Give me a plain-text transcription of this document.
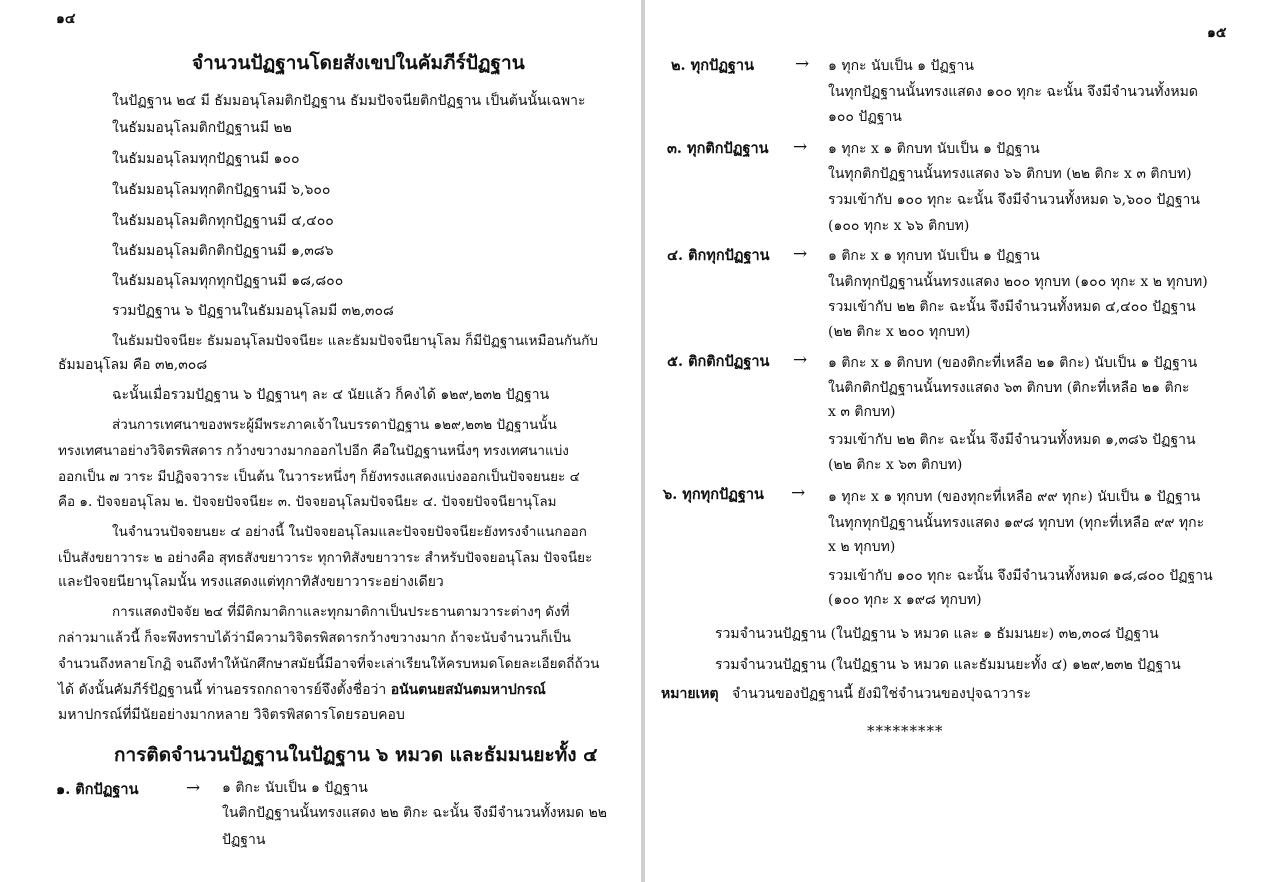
๑๔
จำนวนปัฏฐานโดยสังเขปในคัมภีร์ปัฏฐาน
ในปัฏฐาน ๒๔ มี ธัมมอนุโลมติกปัฏฐาน ธัมมปัจจนียติกปัฏฐาน เป็นต้นนั้นเฉพาะ
ในธัมมอนุโลมติกปัฏฐานมี ๒๒
ในธัมมอนุโลมทุกปัฏฐานมี ๑๐๐
ในธัมมอนุโลมทุกติกปัฏฐานมี ๖,๖๐๐
ในธัมมอนุโลมติกทุกปัฏฐานมี ๔,๔๐๐
ในธัมมอนุโลมติกติกปัฏฐานมี ๑,๓๘๖
ในธัมมอนุโลมทุกทุกปัฏฐานมี ๑๘,๘๐๐
รวมปัฏฐาน ๖ ปัฏฐานในธัมมอนุโลมมี ๓๒,๓๐๘
ในธัมมปัจจนียะ ธัมมอนุโลมปัจจนียะ และธัมมปัจจนียานุโลม ก็มีปัฏฐานเหมือนกันกับ
ธัมมอนุโลม คือ ๓๒,๓๐๘
ฉะนั้นเมื่อรวมปัฏฐาน ๖ ปัฏฐานๆ ละ ๔ นัยแล้ว ก็คงได้ ๑๒๙,๒๓๒ ปัฏฐาน
ส่วนการเทศนาของพระผู้มีพระภาคเจ้าในบรรดาปัฏฐาน ๑๒๙,๒๓๒ ปัฏฐานนั้น
ทรงเทศนาอย่างวิจิตรพิสดาร กว้างขวางมากออกไปอีก คือในปัฏฐานหนึ่งๆ ทรงเทศนาแบ่ง
ออกเป็น ๗ วาระ มีปฏิจจวาระ เป็นต้น ในวาระหนึ่งๆ ก็ยังทรงแสดงแบ่งออกเป็นปัจจยนยะ ๔
คือ ๑. ปัจจยอนุโลม ๒. ปัจจยปัจจนียะ ๓. ปัจจยอนุโลมปัจจนียะ ๔. ปัจจยปัจจนียานุโลม
ในจำนวนปัจจยนยะ ๔ อย่างนี้ ในปัจจยอนุโลมและปัจจยปัจจนียะยังทรงจำแนกออก
เป็นสังขยาวาระ ๒ อย่างคือ สุทธสังขยาวาระ ทุกาทิสังขยาวาระ สำหรับปัจจยอนุโลม ปัจจนียะ
และปัจจยนียานุโลมนั้น ทรงแสดงแต่ทุกาทิสังขยาวาระอย่างเดียว
การแสดงปัจจัย ๒๔ ที่มีติกมาติกาและทุกมาติกาเป็นประธานตามวาระต่างๆ ดังที่
กล่าวมาแล้วนี้ ก็จะพึงทราบได้ว่ามีความวิจิตรพิสดารกว้างขวางมาก ถ้าจะนับจำนวนก็เป็น
จำนวนถึงหลายโกฏิ จนถึงทำให้นักศึกษาสมัยนี้มีอาจที่จะเล่าเรียนให้ครบหมดโดยละเอียดถี่ถ้วน
ได้ ดังนั้นคัมภีร์ปัฏฐานนี้ ท่านอรรถกถาจารย์จึงตั้งชื่อว่า อนันตนยสมันตมหาปกรณ์
มหาปกรณ์ที่มีนัยอย่างมากหลาย วิจิตรพิสดารโดยรอบคอบ
การติดจำนวนปัฏฐานในปัฏฐาน ๖ หมวด และธัมมนยะทั้ง ๔
๑. ติกปัฏฐาน	→ ๑ ติกะ นับเป็น ๑ ปัฏฐาน
ในติกปัฏฐานนั้นทรงแสดง ๒๒ ติกะ ฉะนั้น จึงมีจำนวนทั้งหมด ๒๒
ปัฏฐาน
๑๕
๒. ทุกปัฏฐาน → ๑ ทุกะ นับเป็น ๑ ปัฏฐาน
ในทุกปัฏฐานนั้นทรงแสดง ๑๐๐ ทุกะ ฉะนั้น จึงมีจำนวนทั้งหมด
๑๐๐ ปัฏฐาน
๓. ทุกติกปัฏฐาน → ๑ ทุกะ x ๑ ติกบท นับเป็น ๑ ปัฏฐาน
ในทุกติกปัฏฐานนั้นทรงแสดง ๖๖ ติกบท (๒๒ ติกะ x ๓ ติกบท)
รวมเข้ากับ ๑๐๐ ทุกะ ฉะนั้น จึงมีจำนวนทั้งหมด ๖,๖๐๐ ปัฏฐาน
(๑๐๐ ทุกะ x ๖๖ ติกบท)
๔. ติกทุกปัฏฐาน → ๑ ติกะ x ๑ ทุกบท นับเป็น ๑ ปัฏฐาน
ในติกทุกปัฏฐานนั้นทรงแสดง ๒๐๐ ทุกบท (๑๐๐ ทุกะ x ๒ ทุกบท)
รวมเข้ากับ ๒๒ ติกะ ฉะนั้น จึงมีจำนวนทั้งหมด ๔,๔๐๐ ปัฏฐาน
(๒๒ ติกะ x ๒๐๐ ทุกบท)
๕. ติกติกปัฏฐาน → ๑ ติกะ x ๑ ติกบท (ของติกะที่เหลือ ๒๑ ติกะ) นับเป็น ๑ ปัฏฐาน
ในติกติกปัฏฐานนั้นทรงแสดง ๖๓ ติกบท (ติกะที่เหลือ ๒๑ ติกะ
x ๓ ติกบท)
รวมเข้ากับ ๒๒ ติกะ ฉะนั้น จึงมีจำนวนทั้งหมด ๑,๓๘๖ ปัฏฐาน
(๒๒ ติกะ x ๖๓ ติกบท)
๖. ทุกทุกปัฏฐาน → ๑ ทุกะ x ๑ ทุกบท (ของทุกะที่เหลือ ๙๙ ทุกะ) นับเป็น ๑ ปัฏฐาน
ในทุกทุกปัฏฐานนั้นทรงแสดง ๑๙๘ ทุกบท (ทุกะที่เหลือ ๙๙ ทุกะ
x ๒ ทุกบท)
รวมเข้ากับ ๑๐๐ ทุกะ ฉะนั้น จึงมีจำนวนทั้งหมด ๑๘,๘๐๐ ปัฏฐาน
(๑๐๐ ทุกะ x ๑๙๘ ทุกบท)
รวมจำนวนปัฏฐาน (ในปัฏฐาน ๖ หมวด และ ๑ ธัมมนยะ) ๓๒,๓๐๘ ปัฏฐาน
รวมจำนวนปัฏฐาน (ในปัฏฐาน ๖ หมวด และธัมมนยะทั้ง ๔) ๑๒๙,๒๓๒ ปัฏฐาน
หมายเหตุ จำนวนของปัฏฐานนี้ ยังมิใช่จำนวนของปุจฉาวาระ
*********
